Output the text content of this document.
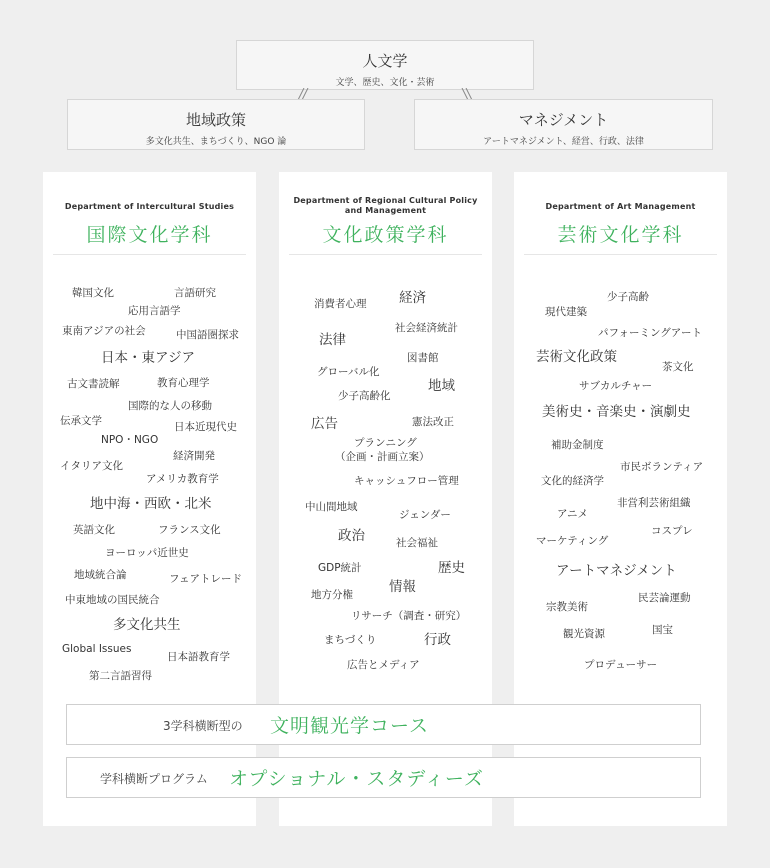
人文学
文学、歴史、文化・芸術
地域政策
多文化共生、まちづくり、NGO 論
マネジメント
アートマネジメント、経営、行政、法律
Department of Intercultural Studies
国際文化学科
韓国文化	言語研究
応用言語学
東南アジアの社会	中国語圏探求
日本・東アジア
古文書読解	教育心理学
国際的な人の移動
伝承文学	日本近現代史
NPO・NGO
経済開発
イタリア文化
アメリカ教育学
地中海・西欧・北米
英語文化	フランス文化
ヨーロッパ近世史
地域統合論	フェアトレード
中東地域の国民統合
多文化共生
Global Issues
日本語教育学
第二言語習得
Department of Regional Cultural Policy and Management
文化政策学科
消費者心理 経済
社会経済統計
法律
図書館
グローバル化
少子高齢化
地域
広告	憲法改正
プランニング
（企画・計画立案）
キャッシュフロー管理
中山間地域
ジェンダー
政治	社会福祉
GDP統計	歴史
地方分権	情報
リサーチ（調査・研究）
まちづくり	行政
広告とメディア
Department of Art Management
芸術文化学科
少子高齢
現代建築
パフォーミングアート
芸術文化政策
茶文化
サブカルチャー
美術史・音楽史・演劇史
補助金制度
市民ボランティア
文化的経済学
非営利芸術組織
アニメ
コスプレ
マーケティング
アートマネジメント
民芸論運動
宗教美術
国宝
観光資源
プロデューサー
3学科横断型の 文明観光学コース
学科横断プログラム オプショナル・スタディーズ
